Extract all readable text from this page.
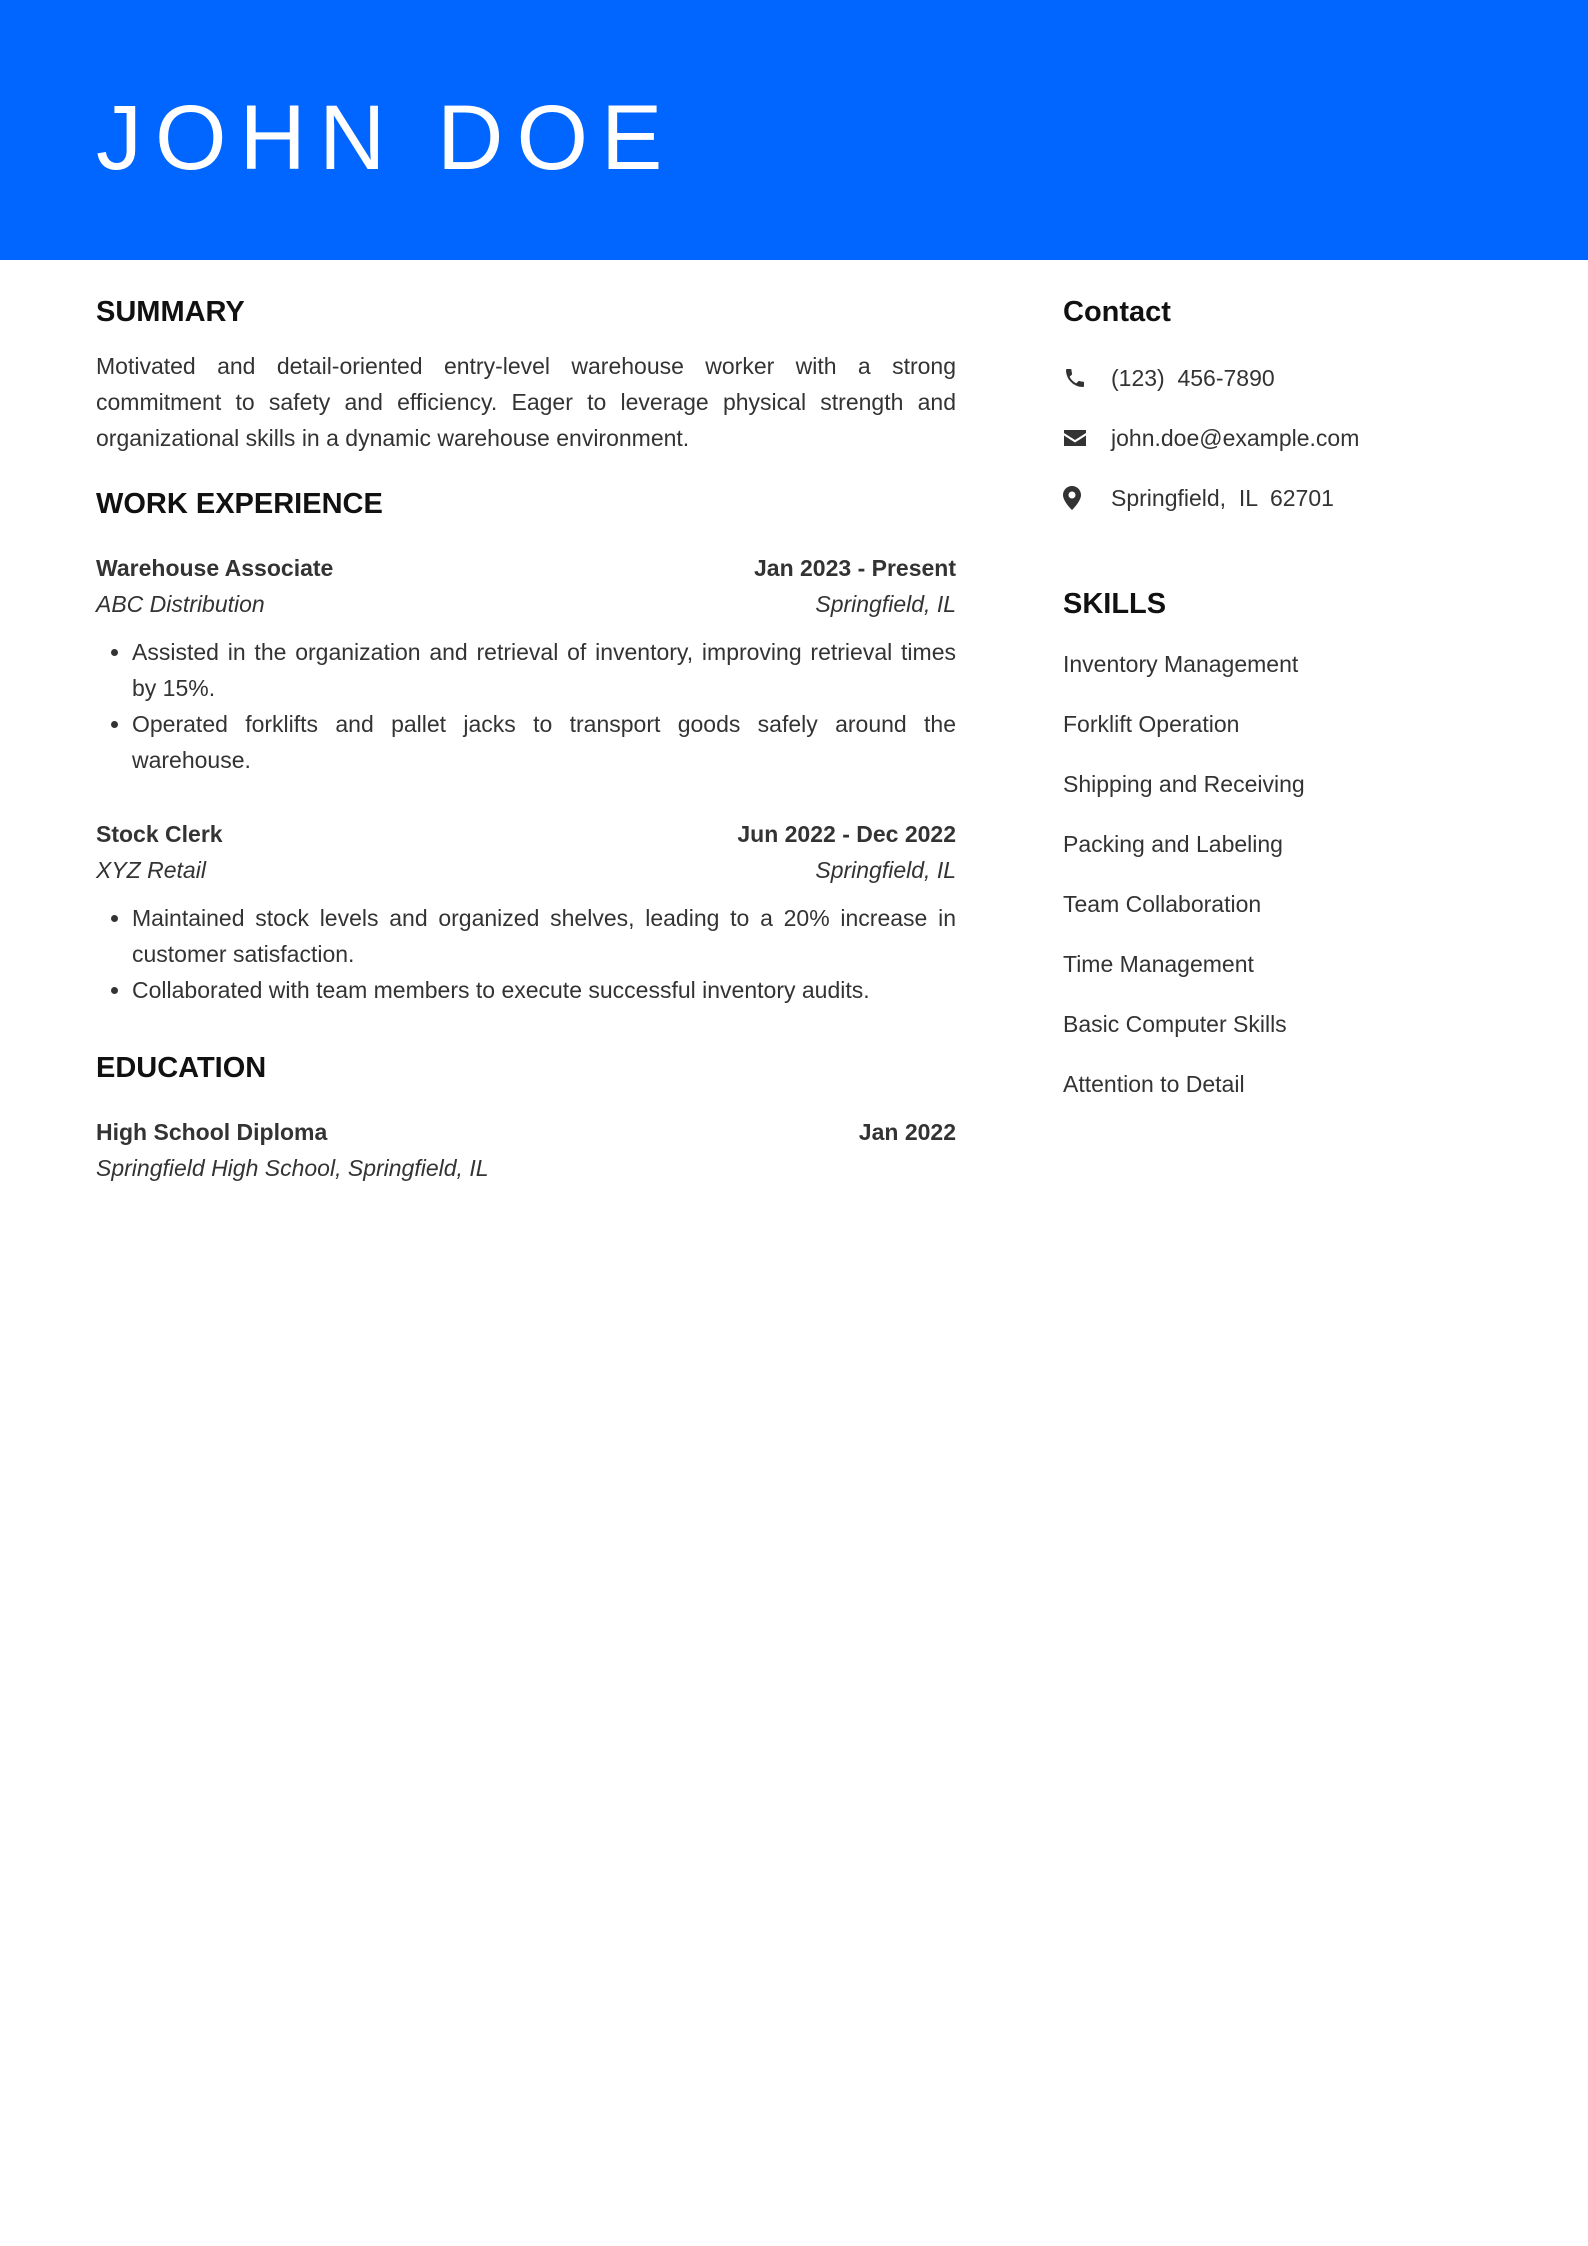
JOHN DOE
SUMMARY

Motivated and detail-oriented entry-level warehouse worker with a strong commitment to safety and efficiency. Eager to leverage physical strength and organizational skills in a dynamic warehouse environment.

WORK EXPERIENCE
Warehouse Associate	Jan 2023 - Present
ABC Distribution	Springfield, IL
• Assisted in the organization and retrieval of inventory, improving retrieval times by 15%.
• Operated forklifts and pallet jacks to transport goods safely around the warehouse.
Stock Clerk	Jun 2022 - Dec 2022
XYZ Retail	Springfield, IL
• Maintained stock levels and organized shelves, leading to a 20% increase in customer satisfaction.
• Collaborated with team members to execute successful inventory audits.
EDUCATION
High School Diploma	Jan 2022
Springfield High School, Springfield, IL
Contact
(123)  456-7890
john.doe@example.com
Springfield,  IL  62701
SKILLS
Inventory Management
Forklift Operation
Shipping and Receiving
Packing and Labeling
Team Collaboration
Time Management
Basic Computer Skills
Attention to Detail
